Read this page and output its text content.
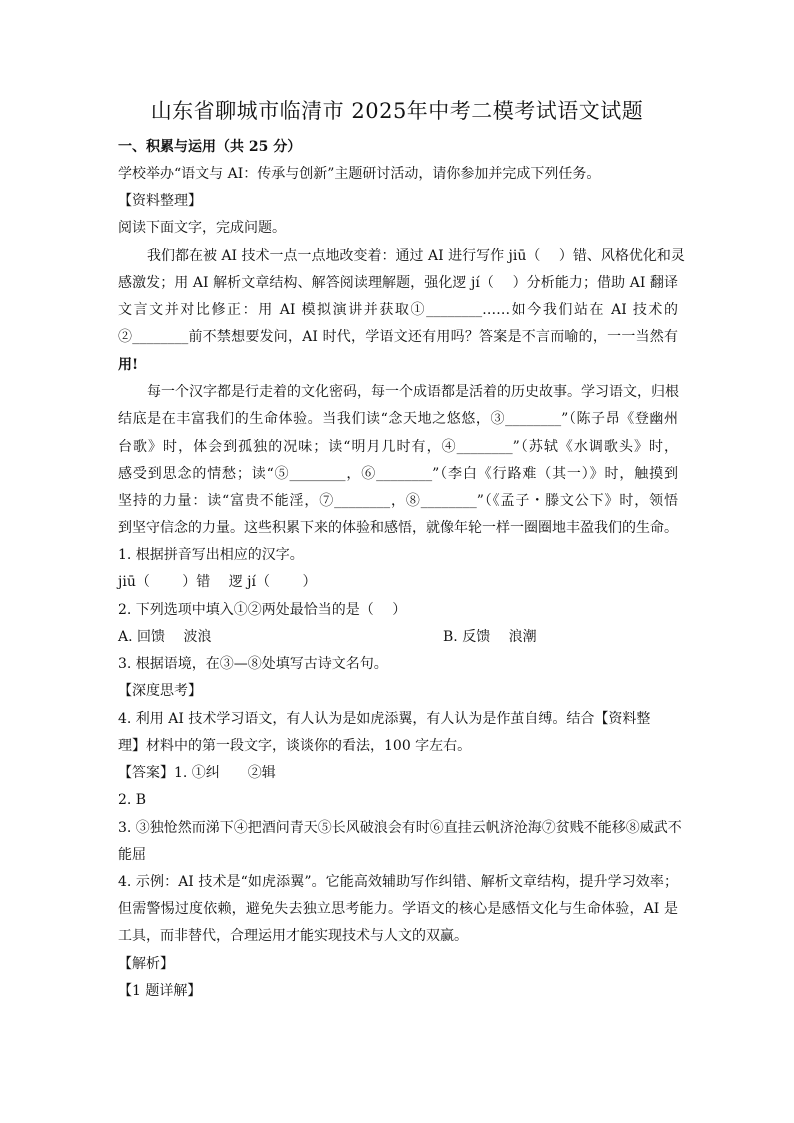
山东省聊城市临清市 2025年中考二模考试语文试题
一、积累与运用（共 25 分）
学校举办“语文与 AI：传承与创新”主题研讨活动，请你参加并完成下列任务。
【资料整理】
阅读下面文字，完成问题。
我们都在被 AI 技术一点一点地改变着：通过 AI 进行写作 jiū（　 ）错、风格优化和灵
感激发；用 AI 解析文章结构、解答阅读理解题，强化逻 jí（　 ）分析能力；借助 AI 翻译
文言文并对比修正：用 AI 模拟演讲并获取①________……如今我们站在 AI 技术的
②________前不禁想要发问，AI 时代，学语文还有用吗？答案是不言而喻的，一一当然有
用!
每一个汉字都是行走着的文化密码，每一个成语都是活着的历史故事。学习语文，归根
结底是在丰富我们的生命体验。当我们读“念天地之悠悠，③________”（陈子昂《登幽州
台歌》时，体会到孤独的况味；读“明月几时有，④________”（苏轼《水调歌头》时，
感受到思念的情愁；读“⑤________，⑥________”（李白《行路难（其一）》时，触摸到
坚持的力量：读“富贵不能淫，⑦________，⑧________”（《孟子・滕文公下》时，领悟
到坚守信念的力量。这些积累下来的体验和感悟，就像年轮一样一圈圈地丰盈我们的生命。
1. 根据拼音写出相应的汉字。
jiū（　　 ）错　 逻 jí（　　 ）
2. 下列选项中填入①②两处最恰当的是（　 ）
A. 回馈　 波浪	B. 反馈　 浪潮
3. 根据语境，在③—⑧处填写古诗文名句。
【深度思考】
4. 利用 AI 技术学习语文，有人认为是如虎添翼，有人认为是作茧自缚。结合【资料整
理】材料中的第一段文字，谈谈你的看法，100 字左右。
【答案】1. ①纠　　②辑
2. B
3. ③独怆然而涕下④把酒问青天⑤长风破浪会有时⑥直挂云帆济沧海⑦贫贱不能移⑧威武不
能屈
4. 示例：AI 技术是“如虎添翼”。它能高效辅助写作纠错、解析文章结构，提升学习效率；
但需警惕过度依赖，避免失去独立思考能力。学语文的核心是感悟文化与生命体验，AI 是
工具，而非替代，合理运用才能实现技术与人文的双赢。
【解析】
【1 题详解】
